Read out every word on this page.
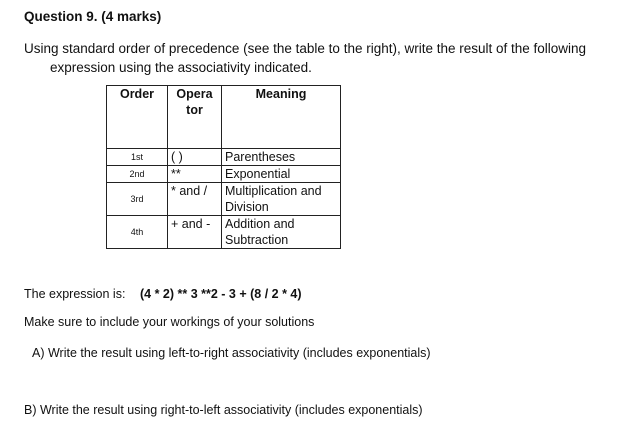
Question 9. (4 marks)
Using standard order of precedence (see the table to the right), write the result of the following
expression using the associativity indicated.
Order	Opera tor	Meaning
1st	( )	Parentheses
2nd	**	Exponential
3rd	* and /	Multiplication and Division
4th	+ and -	Addition and Subtraction
The expression is: (4 * 2) ** 3 **2 - 3 + (8 / 2 * 4)
Make sure to include your workings of your solutions
A) Write the result using left-to-right associativity (includes exponentials)
B) Write the result using right-to-left associativity (includes exponentials)
